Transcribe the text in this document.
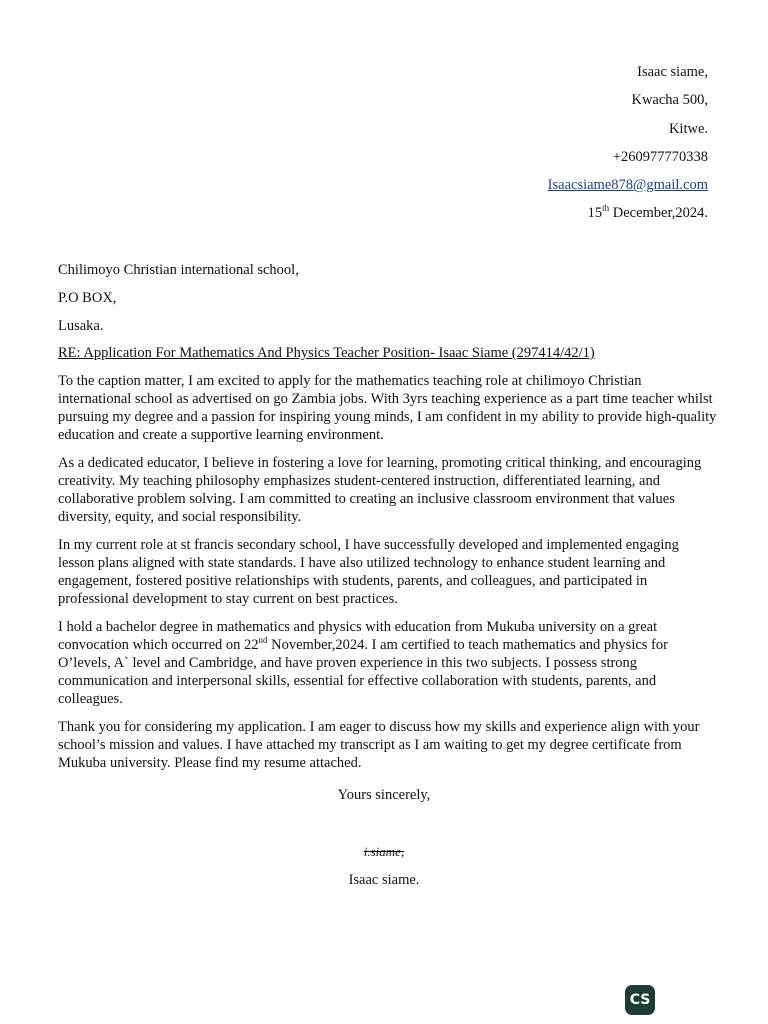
Isaac siame,
Kwacha 500,
Kitwe.
+260977770338
Isaacsiame878@gmail.com
15th December,2024.
Chilimoyo Christian international school,
P.O BOX,
Lusaka.
RE: Application For Mathematics And Physics Teacher Position- Isaac Siame (297414/42/1)

To the caption matter, I am excited to apply for the mathematics teaching role at chilimoyo Christian international school as advertised on go Zambia jobs. With 3yrs teaching experience as a part time teacher whilst pursuing my degree and a passion for inspiring young minds, I am confident in my ability to provide high-quality education and create a supportive learning environment.

As a dedicated educator, I believe in fostering a love for learning, promoting critical thinking, and encouraging creativity. My teaching philosophy emphasizes student-centered instruction, differentiated learning, and collaborative problem solving. I am committed to creating an inclusive classroom environment that values diversity, equity, and social responsibility.

In my current role at st francis secondary school, I have successfully developed and implemented engaging lesson plans aligned with state standards. I have also utilized technology to enhance student learning and engagement, fostered positive relationships with students, parents, and colleagues, and participated in professional development to stay current on best practices.

I hold a bachelor degree in mathematics and physics with education from Mukuba university on a great convocation which occurred on 22nd November,2024. I am certified to teach mathematics and physics for O’levels, A` level and Cambridge, and have proven experience in this two subjects. I possess strong communication and interpersonal skills, essential for effective collaboration with students, parents, and colleagues.

Thank you for considering my application. I am eager to discuss how my skills and experience align with your school’s mission and values. I have attached my transcript as I am waiting to get my degree certificate from Mukuba university. Please find my resume attached.

Yours sincerely,
i.siame,
Isaac siame.
CS
